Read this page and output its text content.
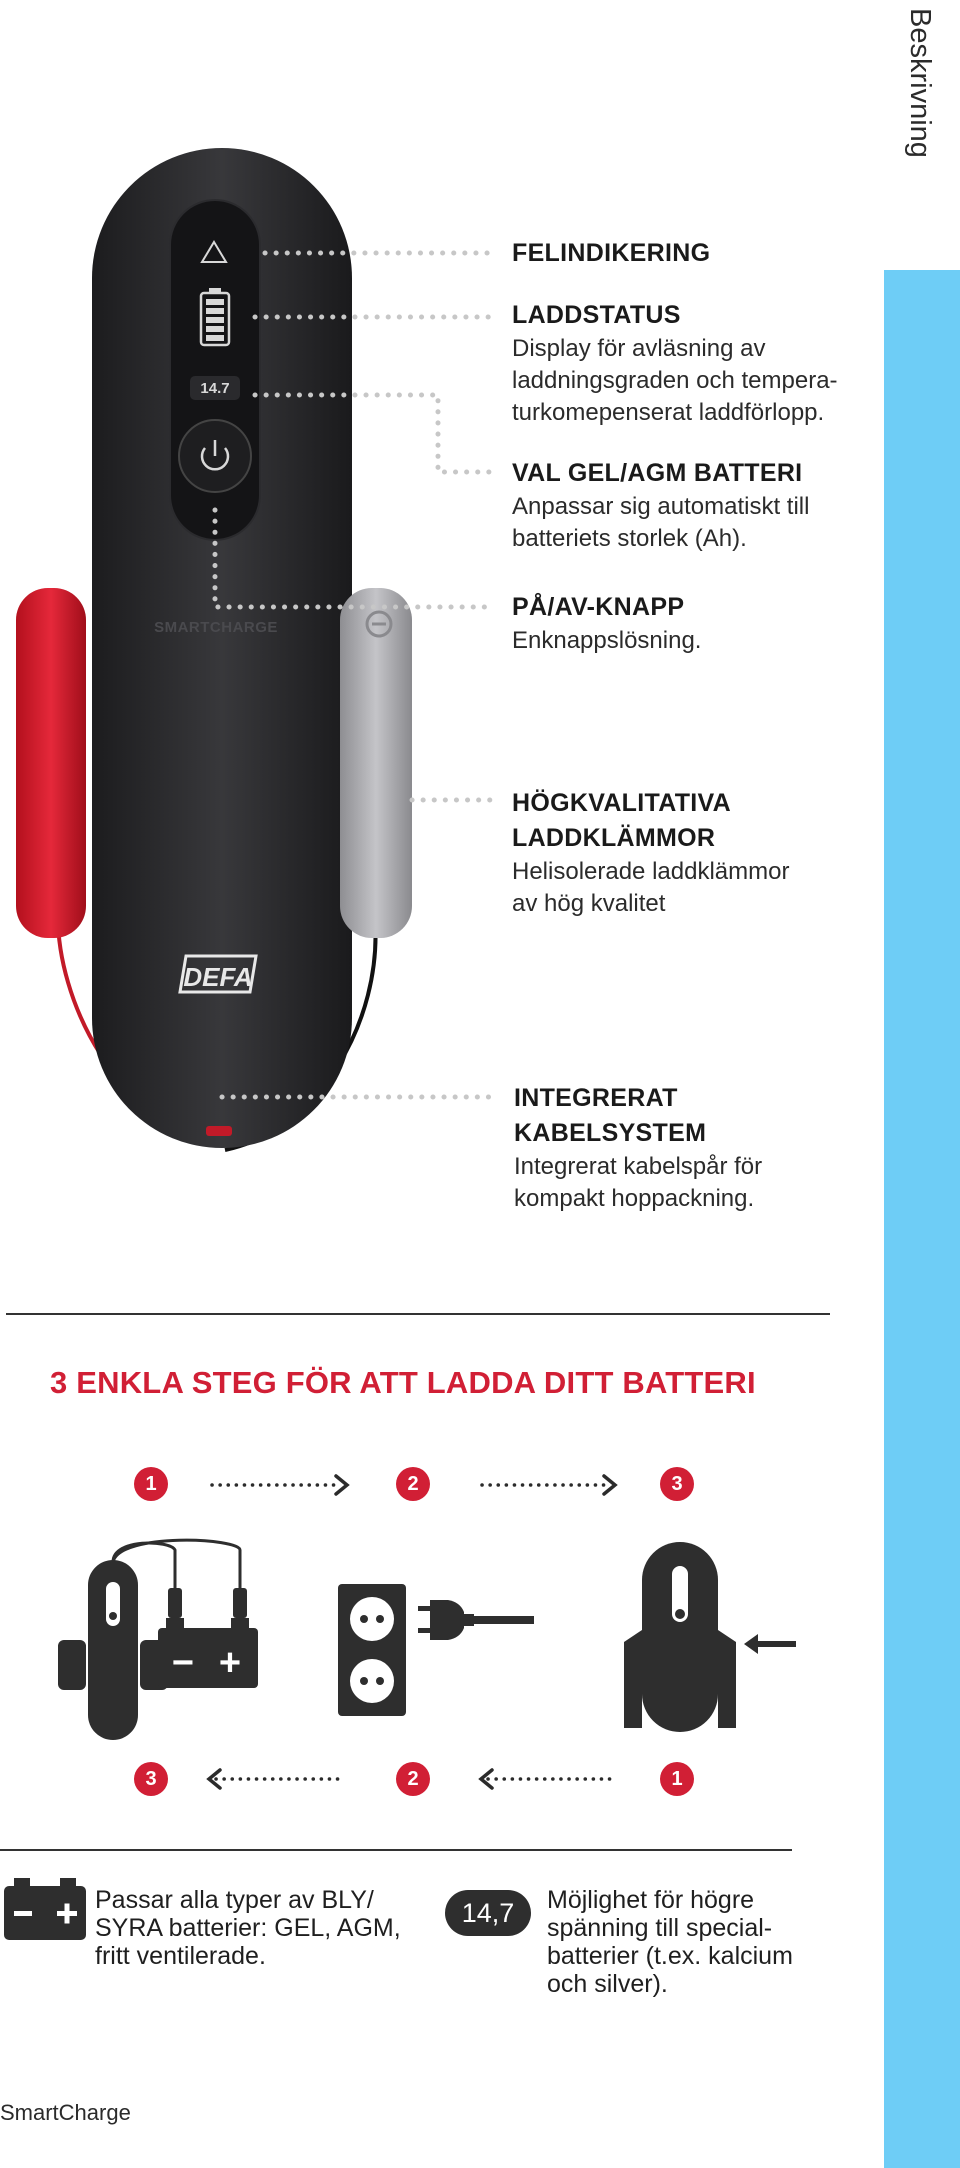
Beskrivning
14.7
SMARTCHARGE
DEFA
FELINDIKERING
LADDSTATUS
Display för avläsning av
laddningsgraden och tempera-
turkomepenserat laddförlopp.
VAL GEL/AGM BATTERI
Anpassar sig automatiskt till
batteriets storlek (Ah).
PÅ/AV-KNAPP
Enknappslösning.
HÖGKVALITATIVA
LADDKLÄMMOR
Helisolerade laddklämmor
av hög kvalitet
INTEGRERAT
KABELSYSTEM
Integrerat kabelspår för
kompakt hoppackning.
3 ENKLA STEG FÖR ATT LADDA DITT BATTERI
1	2	3
− +
3	2	1
Passar alla typer av BLY/
SYRA batterier: GEL, AGM,
fritt ventilerade.
14,7	Möjlighet för högre
spänning till special-
batterier (t.ex. kalcium
och silver).
SmartCharge
